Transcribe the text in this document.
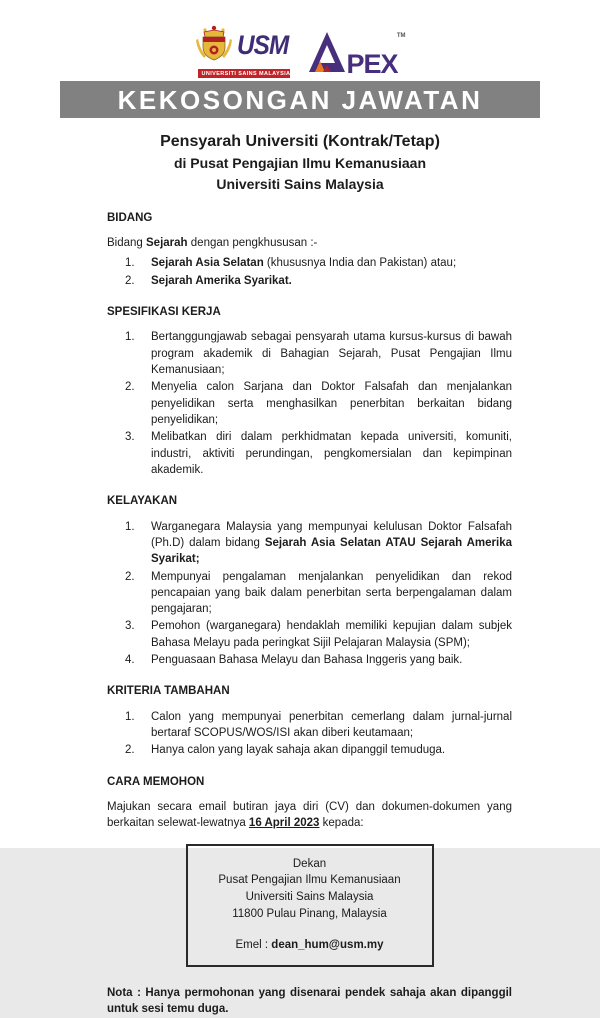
USM
UNIVERSITI SAINS MALAYSIA PEX
TM
KEKOSONGAN JAWATAN
Pensyarah Universiti (Kontrak/Tetap)
di Pusat Pengajian Ilmu Kemanusiaan
Universiti Sains Malaysia
BIDANG

Bidang Sejarah dengan pengkhususan :-

1.	Sejarah Asia Selatan (khususnya India dan Pakistan) atau;
2.	Sejarah Amerika Syarikat.
SPESIFIKASI KERJA
1.	Bertanggungjawab sebagai pensyarah utama kursus-kursus di bawah program akademik di Bahagian Sejarah, Pusat Pengajian Ilmu Kemanusiaan;
2.	Menyelia calon Sarjana dan Doktor Falsafah dan menjalankan penyelidikan serta menghasilkan penerbitan berkaitan bidang penyelidikan;
3.	Melibatkan diri dalam perkhidmatan kepada universiti, komuniti, industri, aktiviti perundingan, pengkomersialan dan kepimpinan akademik.
KELAYAKAN
1.	Warganegara Malaysia yang mempunyai kelulusan Doktor Falsafah (Ph.D) dalam bidang Sejarah Asia Selatan ATAU Sejarah Amerika Syarikat;
2.	Mempunyai pengalaman menjalankan penyelidikan dan rekod pencapaian yang baik dalam penerbitan serta berpengalaman dalam pengajaran;
3.	Pemohon (warganegara) hendaklah memiliki kepujian dalam subjek Bahasa Melayu pada peringkat Sijil Pelajaran Malaysia (SPM);
4.	Penguasaan Bahasa Melayu dan Bahasa Inggeris yang baik.
KRITERIA TAMBAHAN
1.	Calon yang mempunyai penerbitan cemerlang dalam jurnal-jurnal bertaraf SCOPUS/WOS/ISI akan diberi keutamaan;
2.	Hanya calon yang layak sahaja akan dipanggil temuduga.
CARA MEMOHON

Majukan secara email butiran jaya diri (CV) dan dokumen-dokumen yang berkaitan selewat-lewatnya 16 April 2023 kepada:

Dekan
Pusat Pengajian Ilmu Kemanusiaan
Universiti Sains Malaysia
11800 Pulau Pinang, Malaysia
Emel : dean_hum@usm.my

Nota : Hanya permohonan yang disenarai pendek sahaja akan dipanggil untuk sesi temu duga.
